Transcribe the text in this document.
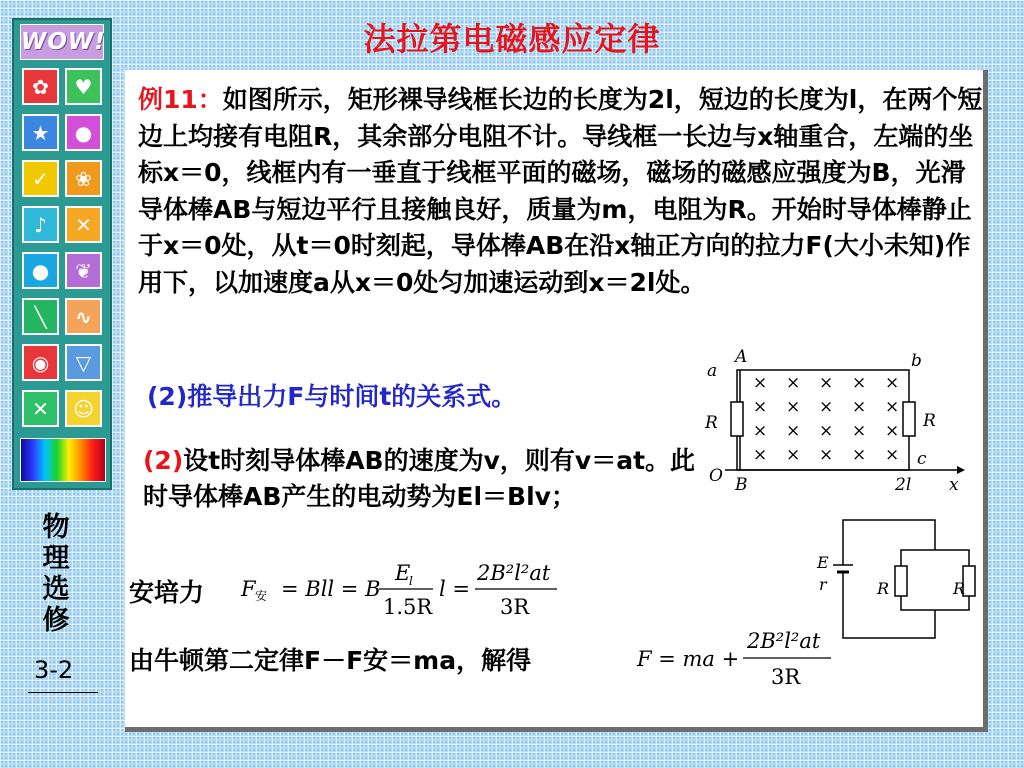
法拉第电磁感应定律
WOW!
✿	♥
★	●
✓	❀
♪	✕
●	❦
╲	∿
◉	▽
✕	☺
物理选修
3-2
例11：如图所示，矩形裸导线框长边的长度为2l，短边的长度为l，在两个短边上均接有电阻R，其余部分电阻不计。导线框一长边与x轴重合，左端的坐标x＝0，线框内有一垂直于线框平面的磁场，磁场的磁感应强度为B，光滑导体棒AB与短边平行且接触良好，质量为m，电阻为R。开始时导体棒静止于x＝0处，从t＝0时刻起，导体棒AB在沿x轴正方向的拉力F(大小未知)作用下，以加速度a从x＝0处匀加速运动到x＝2l处。
(2)推导出力F与时间t的关系式。
(2)设t时刻导体棒AB的速度为v，则有v＝at。此时导体棒AB产生的电动势为El＝Blv；
安培力 F 安 = Bll = B
E
l
1.5R
l =
2B²l²at
3R
由牛顿第二定律F－F安＝ma，解得	F = ma +
2B²l²at
3R
× × × × ×
× × × × ×
× × × × ×
× × × × ×
A
a	b
R	R
c
O B	2l x
E
r	R	R
